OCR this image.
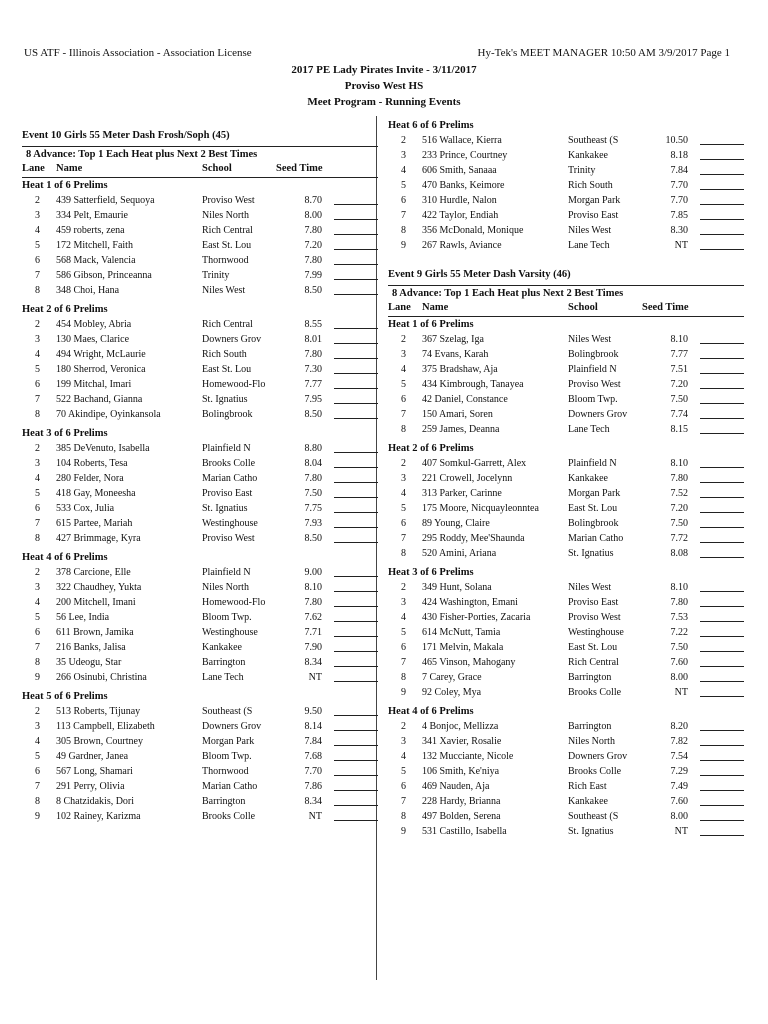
US ATF - Illinois Association - Association License	Hy-Tek's MEET MANAGER 10:50 AM 3/9/2017 Page 1
2017 PE Lady Pirates Invite - 3/11/2017
Proviso West HS
Meet Program - Running Events
Event 10 Girls 55 Meter Dash Frosh/Soph (45)
8 Advance: Top 1 Each Heat plus Next 2 Best Times
Lane Name	School	Seed Time
Heat 1 of 6 Prelims
2 439 Satterfield, Sequoya	Proviso West	8.70
3 334 Pelt, Emaurie	Niles North	8.00
4 459 roberts, zena	Rich Central	7.80
5 172 Mitchell, Faith	East St. Lou	7.20
6 568 Mack, Valencia	Thornwood	7.80
7 586 Gibson, Princeanna	Trinity	7.99
8 348 Choi, Hana	Niles West	8.50
Heat 2 of 6 Prelims
2 454 Mobley, Abria	Rich Central	8.55
3 130 Maes, Clarice	Downers Grov	8.01
4 494 Wright, McLaurie	Rich South	7.80
5 180 Sherrod, Veronica	East St. Lou	7.30
6 199 Mitchal, Imari	Homewood-Flo	7.77
7 522 Bachand, Gianna	St. Ignatius	7.95
8 70 Akindipe, Oyinkansola	Bolingbrook	8.50
Heat 3 of 6 Prelims
2 385 DeVenuto, Isabella	Plainfield N	8.80
3 104 Roberts, Tesa	Brooks Colle	8.04
4 280 Felder, Nora	Marian Catho	7.80
5 418 Gay, Moneesha	Proviso East	7.50
6 533 Cox, Julia	St. Ignatius	7.75
7 615 Partee, Mariah	Westinghouse	7.93
8 427 Brimmage, Kyra	Proviso West	8.50
Heat 4 of 6 Prelims
2 378 Carcione, Elle	Plainfield N	9.00
3 322 Chaudhey, Yukta	Niles North	8.10
4 200 Mitchell, Imani	Homewood-Flo	7.80
5 56 Lee, India	Bloom Twp.	7.62
6 611 Brown, Jamika	Westinghouse	7.71
7 216 Banks, Jalisa	Kankakee	7.90
8 35 Udeogu, Star	Barrington	8.34
9 266 Osinubi, Christina	Lane Tech	NT
Heat 5 of 6 Prelims
2 513 Roberts, Tijunay	Southeast (S	9.50
3 113 Campbell, Elizabeth	Downers Grov	8.14
4 305 Brown, Courtney	Morgan Park	7.84
5 49 Gardner, Janea	Bloom Twp.	7.68
6 567 Long, Shamari	Thornwood	7.70
7 291 Perry, Olivia	Marian Catho	7.86
8 8 Chatzidakis, Dori	Barrington	8.34
9 102 Rainey, Karizma	Brooks Colle	NT
Heat 6 of 6 Prelims
2 516 Wallace, Kierra	Southeast (S	10.50
3 233 Prince, Courtney	Kankakee	8.18
4 606 Smith, Sanaaa	Trinity	7.84
5 470 Banks, Keimore	Rich South	7.70
6 310 Hurdle, Nalon	Morgan Park	7.70
7 422 Taylor, Endiah	Proviso East	7.85
8 356 McDonald, Monique	Niles West	8.30
9 267 Rawls, Aviance	Lane Tech	NT
Event 9 Girls 55 Meter Dash Varsity (46)
8 Advance: Top 1 Each Heat plus Next 2 Best Times
Lane Name	School	Seed Time
Heat 1 of 6 Prelims
2 367 Szelag, Iga	Niles West	8.10
3 74 Evans, Karah	Bolingbrook	7.77
4 375 Bradshaw, Aja	Plainfield N	7.51
5 434 Kimbrough, Tanayea	Proviso West	7.20
6 42 Daniel, Constance	Bloom Twp.	7.50
7 150 Amari, Soren	Downers Grov	7.74
8 259 James, Deanna	Lane Tech	8.15
Heat 2 of 6 Prelims
2 407 Somkul-Garrett, Alex	Plainfield N	8.10
3 221 Crowell, Jocelynn	Kankakee	7.80
4 313 Parker, Carinne	Morgan Park	7.52
5 175 Moore, Nicquayleonntea	East St. Lou	7.20
6 89 Young, Claire	Bolingbrook	7.50
7 295 Roddy, Mee'Shaunda	Marian Catho	7.72
8 520 Amini, Ariana	St. Ignatius	8.08
Heat 3 of 6 Prelims
2 349 Hunt, Solana	Niles West	8.10
3 424 Washington, Emani	Proviso East	7.80
4 430 Fisher-Porties, Zacaria	Proviso West	7.53
5 614 McNutt, Tamia	Westinghouse	7.22
6 171 Melvin, Makala	East St. Lou	7.50
7 465 Vinson, Mahogany	Rich Central	7.60
8 7 Carey, Grace	Barrington	8.00
9 92 Coley, Mya	Brooks Colle	NT
Heat 4 of 6 Prelims
2 4 Bonjoc, Mellizza	Barrington	8.20
3 341 Xavier, Rosalie	Niles North	7.82
4 132 Mucciante, Nicole	Downers Grov	7.54
5 106 Smith, Ke'niya	Brooks Colle	7.29
6 469 Nauden, Aja	Rich East	7.49
7 228 Hardy, Brianna	Kankakee	7.60
8 497 Bolden, Serena	Southeast (S	8.00
9 531 Castillo, Isabella	St. Ignatius	NT
